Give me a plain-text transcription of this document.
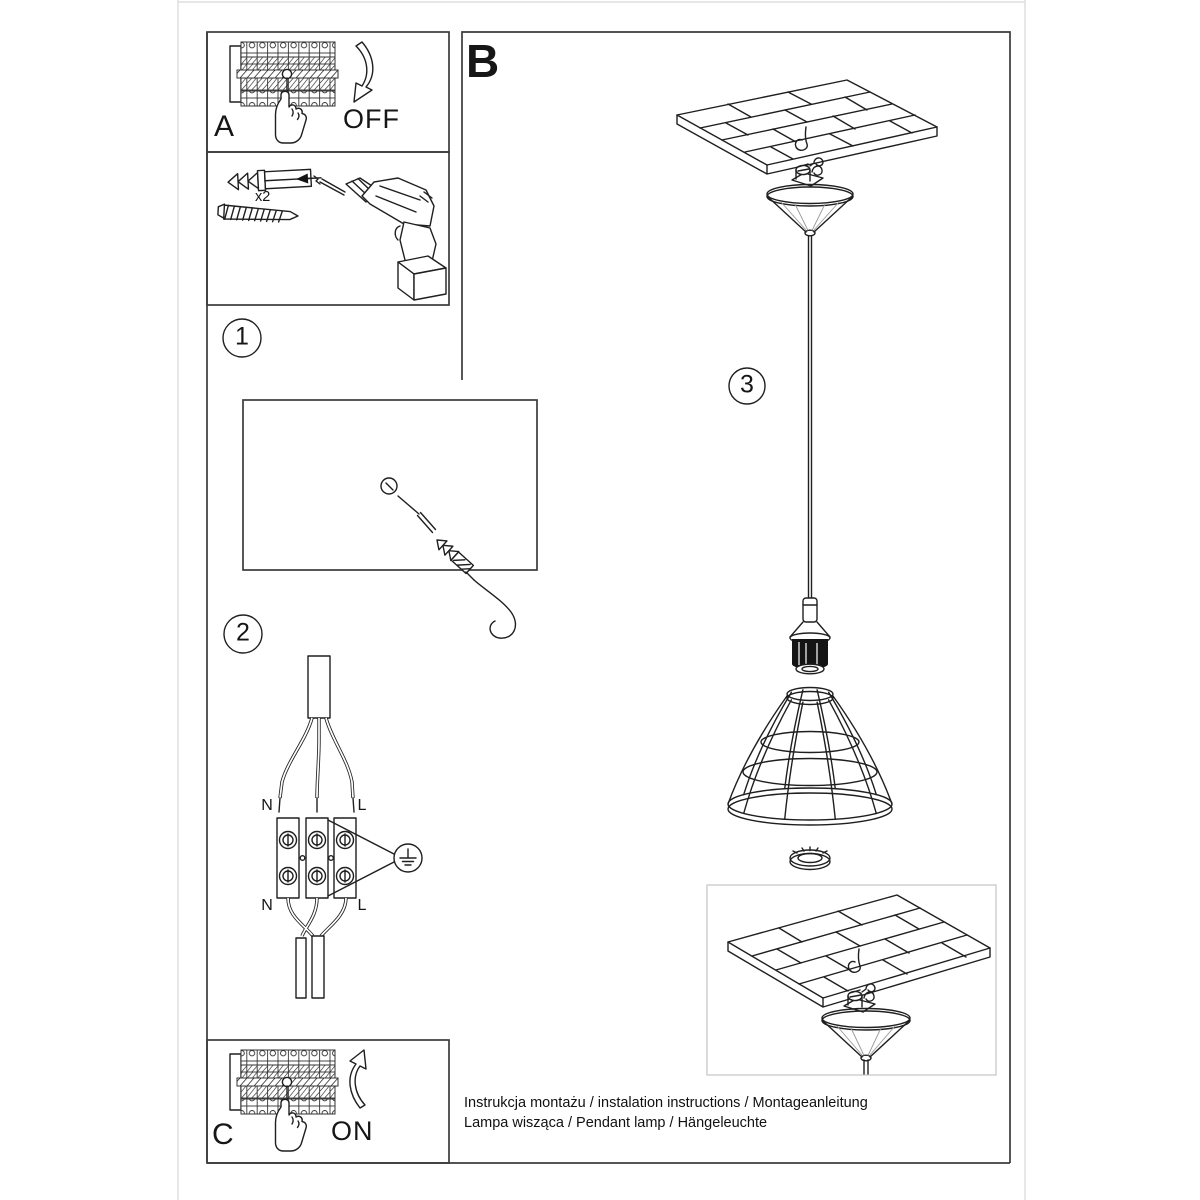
A	OFF
x2
B
C	ON
1
2
3
N	L
N	L
Instrukcja montażu / instalation instructions / Montageanleitung
Lampa wisząca / Pendant lamp / Hängeleuchte
